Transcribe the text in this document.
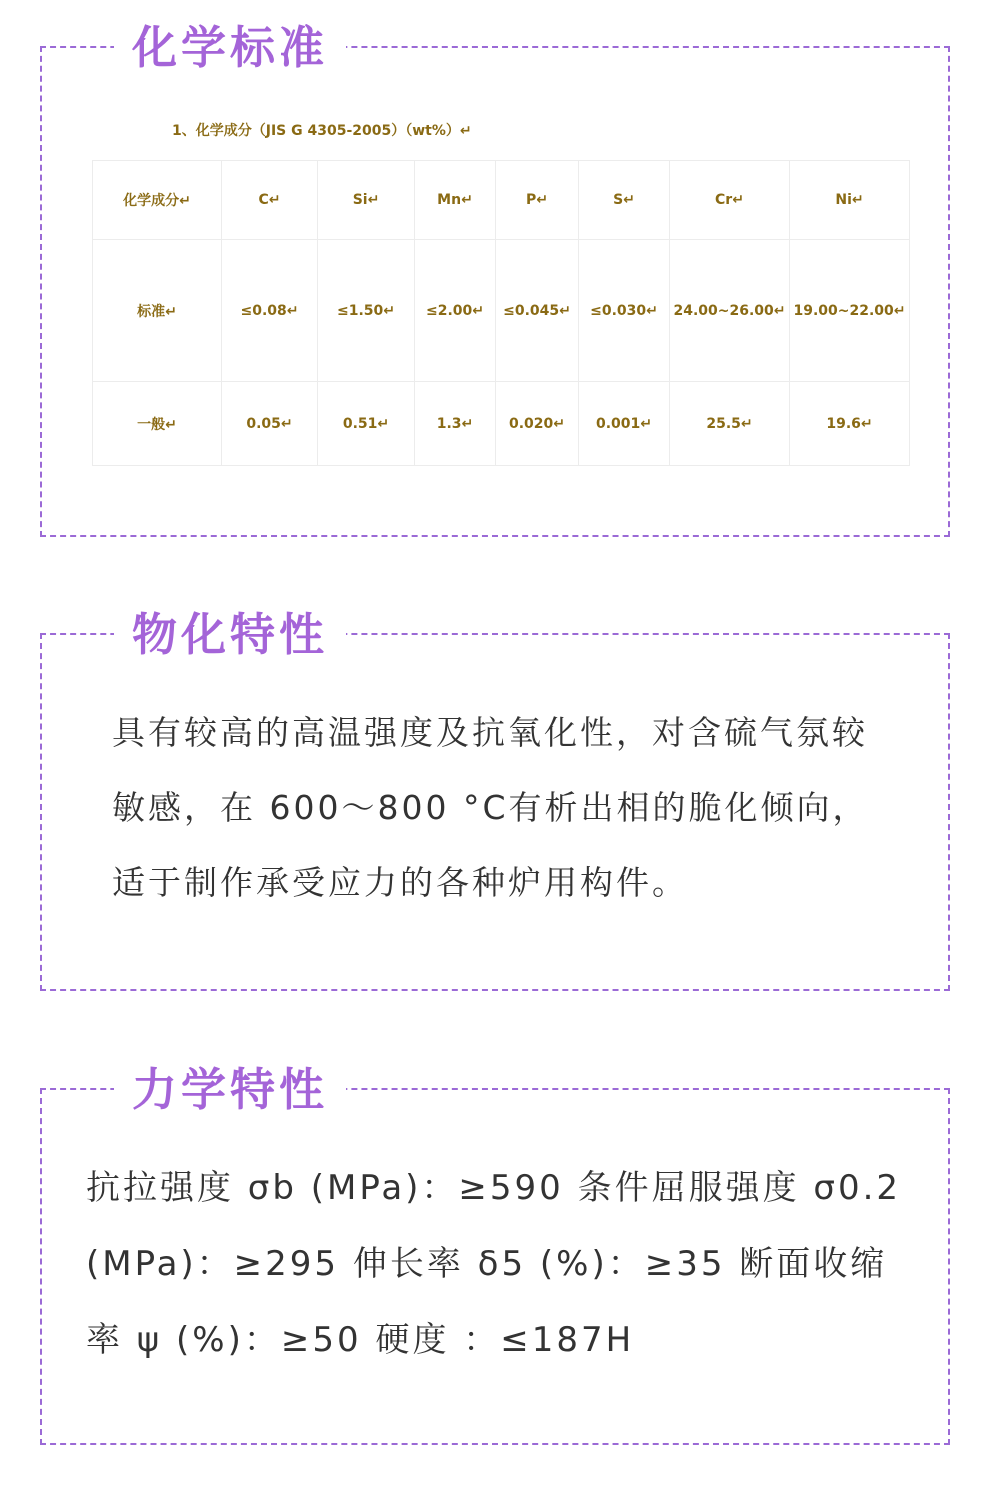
化学标准
1、化学成分（JIS G 4305-2005）（wt%）↵
化学成分↵	C↵	Si↵	Mn↵	P↵	S↵	Cr↵	Ni↵
标准↵	≤0.08↵	≤1.50↵	≤2.00↵	≤0.045↵	≤0.030↵	24.00~26.00↵	19.00~22.00↵
一般↵	0.05↵	0.51↵	1.3↵	0.020↵	0.001↵	25.5↵	19.6↵
物化特性

具有较高的高温强度及抗氧化性，对含硫气氛较敏感，在 600～800 °C有析出相的脆化倾向，适于制作承受应力的各种炉用构件。

力学特性

抗拉强度 σb (MPa)：≥590 条件屈服强度 σ0.2 (MPa)：≥295 伸长率 δ5 (%)：≥35 断面收缩率 ψ (%)：≥50 硬度 ：≤187H
